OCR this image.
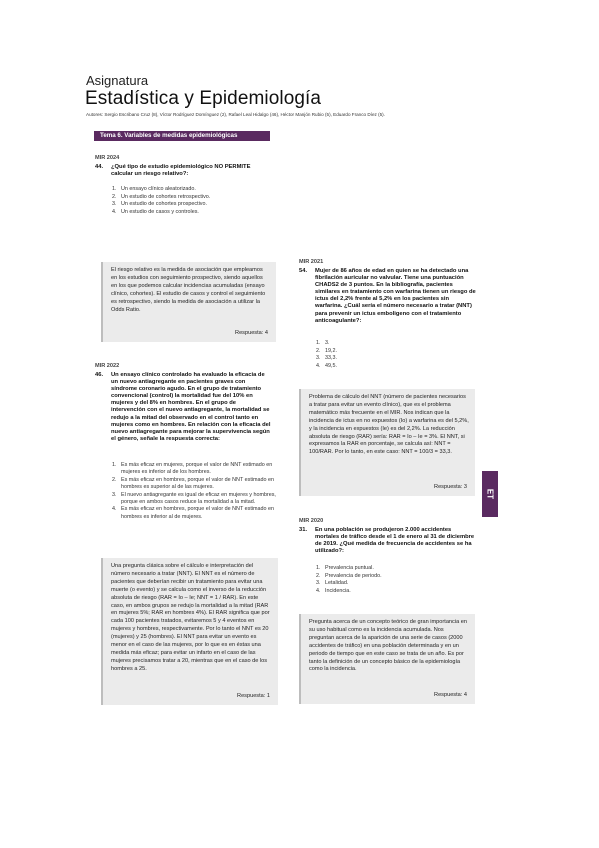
Asignatura
Estadística y Epidemiología
Autores: Sergio Escribano Cruz (8), Víctor Rodríguez Domínguez (2), Rafael Leal Hidalgo (46), Héctor Manjón Rubio (5), Eduardo Franco Díez (5).
Tema 6. Variables de medidas epidemiológicas
ET
MIR 2024
44. ¿Qué tipo de estudio epidemiológico NO PERMITE calcular un riesgo relativo?:
1. Un ensayo clínico aleatorizado.
2. Un estudio de cohortes retrospectivo.
3. Un estudio de cohortes prospectivo.
4. Un estudio de casos y controles.
El riesgo relativo es la medida de asociación que empleamos en los estudios con seguimiento prospectivo, siendo aquellos en los que podemos calcular incidencias acumuladas (ensayo clínico, cohortes). El estudio de casos y control el seguimiento es retrospectivo, siendo la medida de asociación a utilizar la Odds Ratio.
Respuesta: 4
MIR 2022
46. Un ensayo clínico controlado ha evaluado la eficacia de un nuevo antiagregante en pacientes graves con síndrome coronario agudo. En el grupo de tratamiento convencional (control) la mortalidad fue del 10% en mujeres y del 8% en hombres. En el grupo de intervención con el nuevo antiagregante, la mortalidad se redujo a la mitad del observado en el control tanto en mujeres como en hombres. En relación con la eficacia del nuevo antiagregante para mejorar la supervivencia según el género, señale la respuesta correcta:
1. Es más eficaz en mujeres, porque el valor de NNT estimado en mujeres es inferior al de los hombres.
2. Es más eficaz en hombres, porque el valor de NNT estimado en hombres es superior al de las mujeres.
3. El nuevo antiagregante es igual de eficaz en mujeres y hombres, porque en ambos casos reduce la mortalidad a la mitad.
4. Es más eficaz en hombres, porque el valor de NNT estimado en hombres es inferior al de mujeres.
Una pregunta clásica sobre el cálculo e interpretación del número necesario a tratar (NNT). El NNT es el número de pacientes que deberían recibir un tratamiento para evitar una muerte (o evento) y se calcula como el inverso de la reducción absoluta de riesgo (RAR = Io – Ie; NNT = 1 / RAR). En este caso, en ambos grupos se redujo la mortalidad a la mitad (RAR en mujeres 5%; RAR en hombres 4%). El RAR significa que por cada 100 pacientes tratados, evitaremos 5 y 4 eventos en mujeres y hombres, respectivamente. Por lo tanto el NNT es 20 (mujeres) y 25 (hombres). El NNT para evitar un evento es menor en el caso de las mujeres, por lo que es en éstas una medida más eficaz; para evitar un infarto en el caso de las mujeres precisamos tratar a 20, mientras que en el caso de los hombres a 25.
Respuesta: 1
MIR 2021
54. Mujer de 86 años de edad en quien se ha detectado una fibrilación auricular no valvular. Tiene una puntuación CHADS2 de 3 puntos. En la bibliografía, pacientes similares en tratamiento con warfarina tienen un riesgo de ictus del 2,2% frente al 5,2% en los pacientes sin warfarina. ¿Cuál sería el número necesario a tratar (NNT) para prevenir un ictus emboligeno con el tratamiento anticoagulante?:
1. 3.
2. 19,2.
3. 33,3.
4. 49,5.
Problema de cálculo del NNT (número de pacientes necesarios a tratar para evitar un evento clínico), que es el problema matemático más frecuente en el MIR. Nos indican que la incidencia de ictus en no expuestos (Io) a warfarina es del 5,2%, y la incidencia en expuestos (Ie) es del 2,2%. La reducción absoluta de riesgo (RAR) sería: RAR = Io – Ie = 3%. El NNT, si expresamos la RAR en porcentaje, se calcula así: NNT = 100/RAR. Por lo tanto, en este caso: NNT = 100/3 = 33,3.
Respuesta: 3
MIR 2020
31. En una población se produjeron 2.000 accidentes mortales de tráfico desde el 1 de enero al 31 de diciembre de 2019. ¿Qué medida de frecuencia de accidentes se ha utilizado?:
1. Prevalencia puntual.
2. Prevalencia de periodo.
3. Letalidad.
4. Incidencia.
Pregunta acerca de un concepto teórico de gran importancia en su uso habitual como es la incidencia acumulada. Nos preguntan acerca de la aparición de una serie de casos (2000 accidentes de tráfico) en una población determinada y en un periodo de tiempo que en este caso se trata de un año. Es por tanto la definición de un concepto básico de la epidemiología como la incidencia.
Respuesta: 4
